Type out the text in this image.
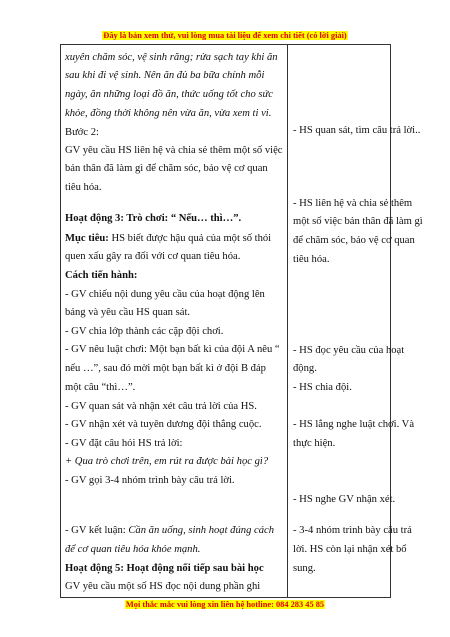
Đây là bản xem thử, vui lòng mua tài liệu để xem chi tiết (có lời giải)
xuyên chăm sóc, vệ sinh răng; rửa sạch tay khi ăn
sau khi đi vệ sinh. Nên ăn đủ ba bữa chính mỗi
ngày, ăn những loại đồ ăn, thức uống tốt cho sức
khỏe, đồng thời không nên vừa ăn, vừa xem ti vi.
Bước 2:
GV yêu cầu HS liên hệ và chia sẻ thêm một số việc
bản thân đã làm gì để chăm sóc, bảo vệ cơ quan
tiêu hóa.
Hoạt động 3: Trò chơi: “ Nếu… thì…”.
Mục tiêu: HS biết được hậu quả của một số thói
quen xấu gây ra đối với cơ quan tiêu hóa.
Cách tiến hành:
- GV chiếu nội dung yêu cầu của hoạt động lên
bảng và yêu cầu HS quan sát.
- GV chia lớp thành các cặp đội chơi.
- GV nêu luật chơi: Một bạn bất kì của đội A nêu “
nếu …”, sau đó mời một bạn bất kì ở đội B đáp
một câu “thì…”.
- GV quan sát và nhận xét câu trả lời của HS.
- GV nhận xét và tuyên dương đội thắng cuộc.
- GV đặt câu hỏi HS trả lời:
+ Qua trò chơi trên, em rút ra được bài học gì?
- GV gọi 3-4 nhóm trình bày câu trả lời.
- GV kết luận: Cần ăn uống, sinh hoạt đúng cách
để cơ quan tiêu hóa khỏe mạnh.
Hoạt động 5: Hoạt động nối tiếp sau bài học
GV yêu cầu một số HS đọc nội dung phần ghi
- HS quan sát, tìm câu trả lời..
- HS liên hệ và chia sẻ thêm
một số việc bản thân đã làm gì
để chăm sóc, bảo vệ cơ quan
tiêu hóa.
- HS đọc yêu cầu của hoạt
động.
- HS chia đội.
- HS lắng nghe luật chơi. Và
thực hiện.
- HS nghe GV nhận xét.
- 3-4 nhóm trình bày câu trả
lời. HS còn lại nhận xét bổ
sung.
Mọi thắc mắc vui lòng xin liên hệ hotline: 084 283 45 85
